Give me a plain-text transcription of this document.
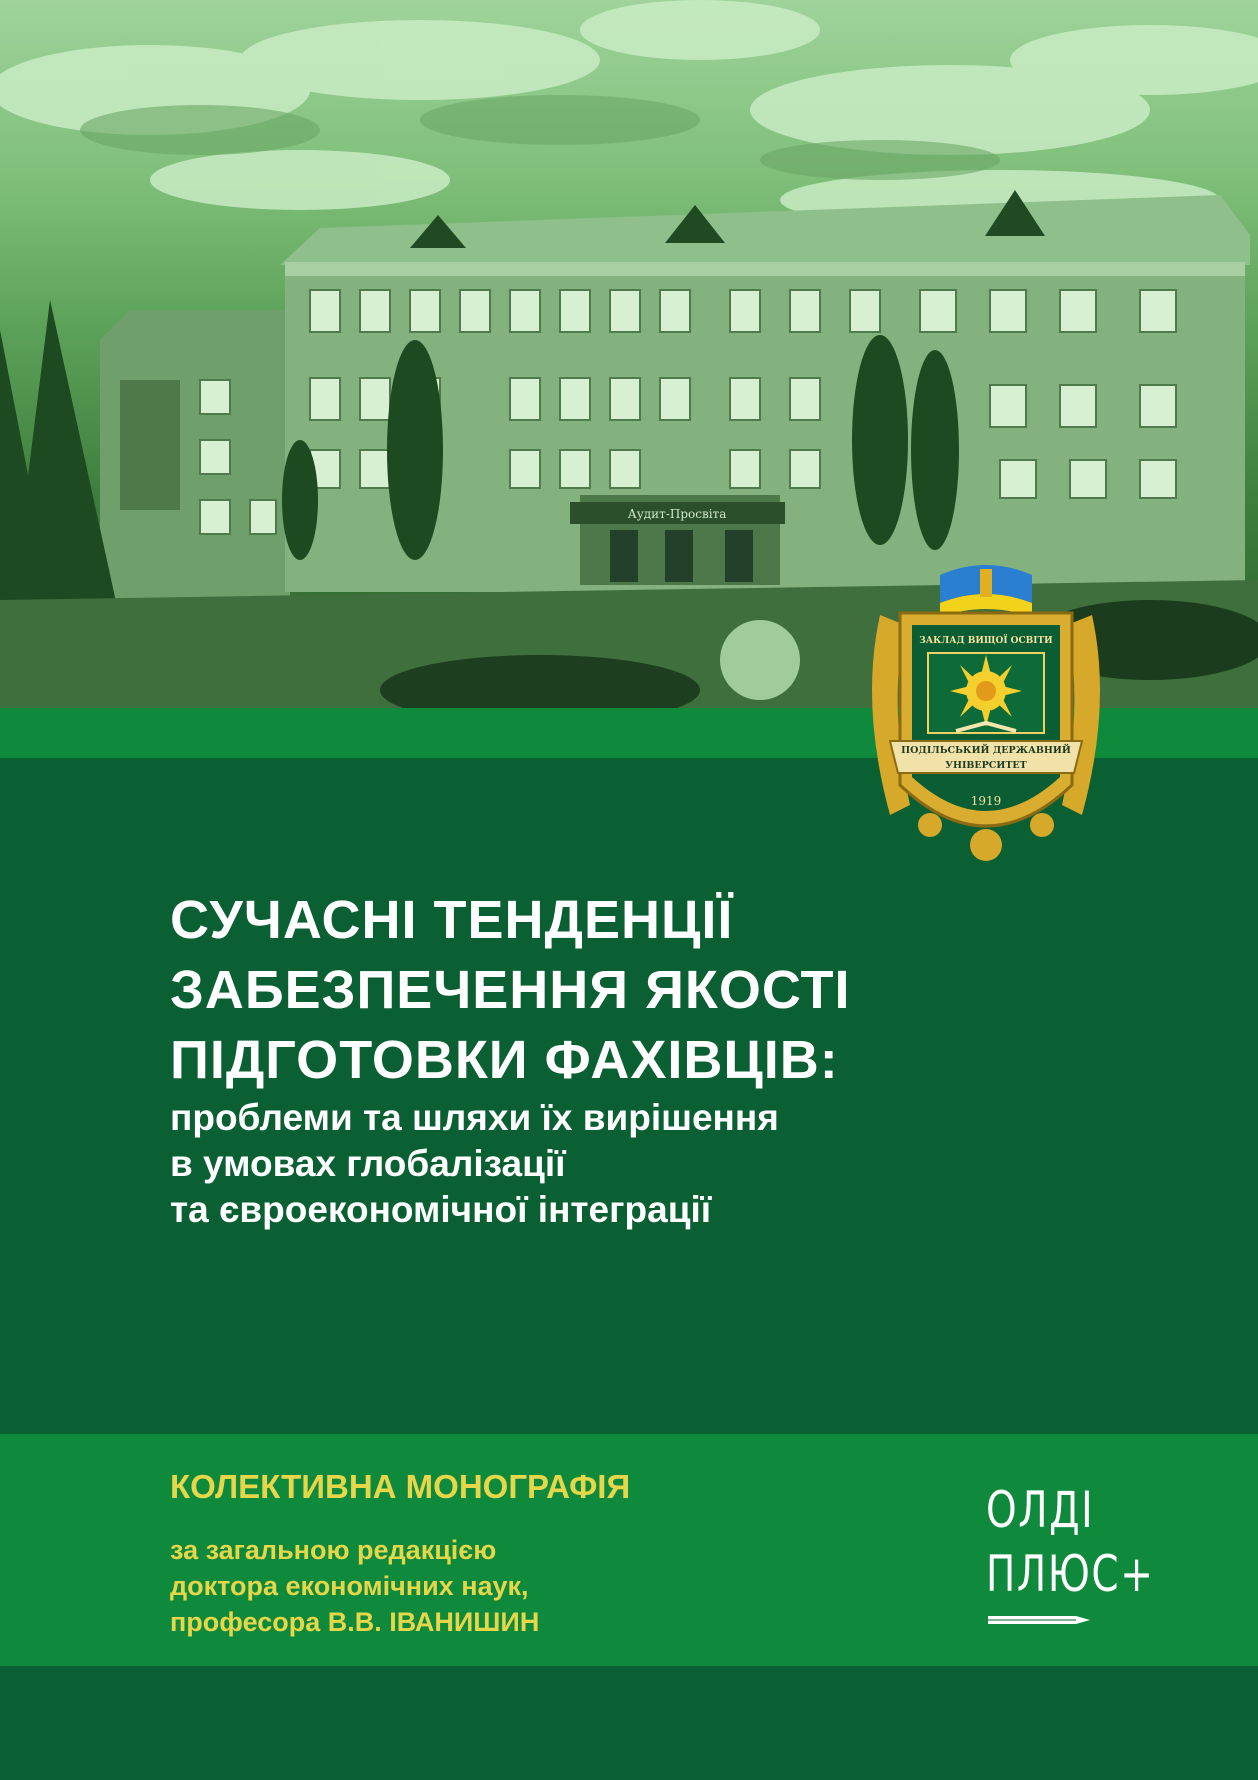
Аудит-Просвіта
ЗАКЛАД ВИЩОЇ ОСВІТИ
ПОДІЛЬСЬКИЙ ДЕРЖАВНИЙ УНІВЕРСИТЕТ
1919
СУЧАСНІ ТЕНДЕНЦІЇ
ЗАБЕЗПЕЧЕННЯ ЯКОСТІ
ПІДГОТОВКИ ФАХІВЦІВ:
проблеми та шляхи їх вирішення
в умовах глобалізації
та євроекономічної інтеграції
КОЛЕКТИВНА МОНОГРАФІЯ
за загальною редакцією
доктора економічних наук,
професора В.В. ІВАНИШИН
ОЛДІ
ПЛЮС+
